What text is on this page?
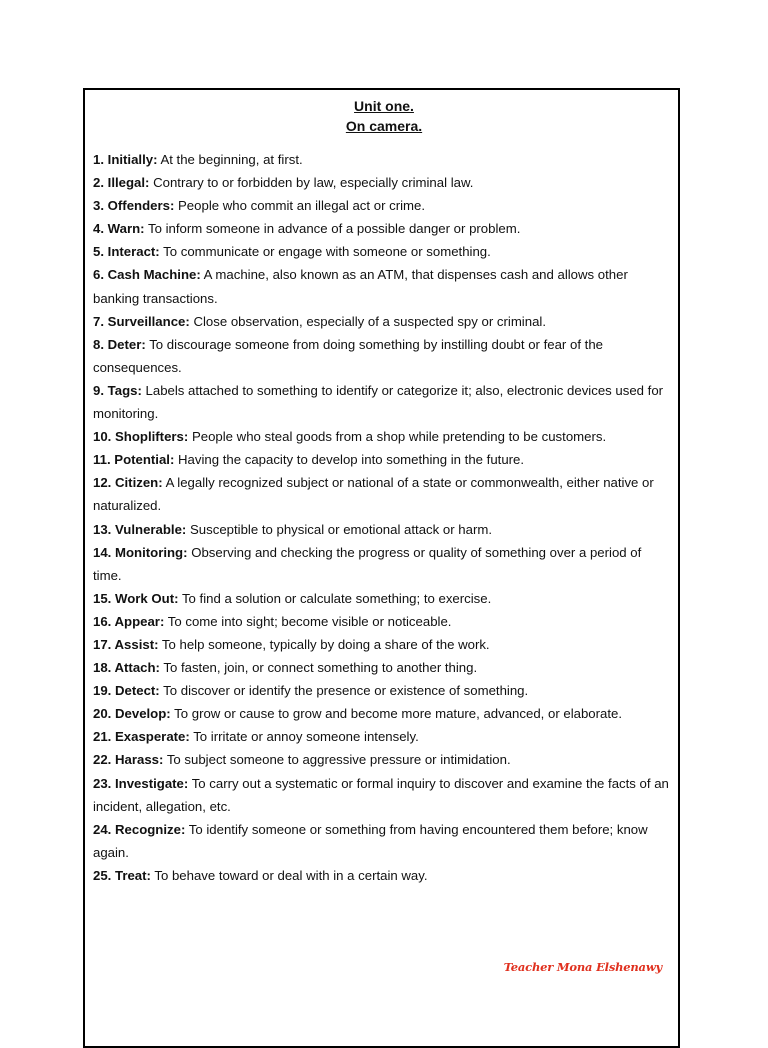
Unit one.

On camera.

1. Initially: At the beginning, at first.
2. Illegal: Contrary to or forbidden by law, especially criminal law.
3. Offenders: People who commit an illegal act or crime.
4. Warn: To inform someone in advance of a possible danger or problem.
5. Interact: To communicate or engage with someone or something.
6. Cash Machine: A machine, also known as an ATM, that dispenses cash and allows other banking transactions.
7. Surveillance: Close observation, especially of a suspected spy or criminal.
8. Deter: To discourage someone from doing something by instilling doubt or fear of the consequences.
9. Tags: Labels attached to something to identify or categorize it; also, electronic devices used for monitoring.
10. Shoplifters: People who steal goods from a shop while pretending to be customers.
11. Potential: Having the capacity to develop into something in the future.
12. Citizen: A legally recognized subject or national of a state or commonwealth, either native or naturalized.
13. Vulnerable: Susceptible to physical or emotional attack or harm.
14. Monitoring: Observing and checking the progress or quality of something over a period of time.
15. Work Out: To find a solution or calculate something; to exercise.
16. Appear: To come into sight; become visible or noticeable.
17. Assist: To help someone, typically by doing a share of the work.
18. Attach: To fasten, join, or connect something to another thing.
19. Detect: To discover or identify the presence or existence of something.
20. Develop: To grow or cause to grow and become more mature, advanced, or elaborate.
21. Exasperate: To irritate or annoy someone intensely.
22. Harass: To subject someone to aggressive pressure or intimidation.
23. Investigate: To carry out a systematic or formal inquiry to discover and examine the facts of an incident, allegation, etc.
24. Recognize: To identify someone or something from having encountered them before; know again.
25. Treat: To behave toward or deal with in a certain way.
Teacher Mona Elshenawy
